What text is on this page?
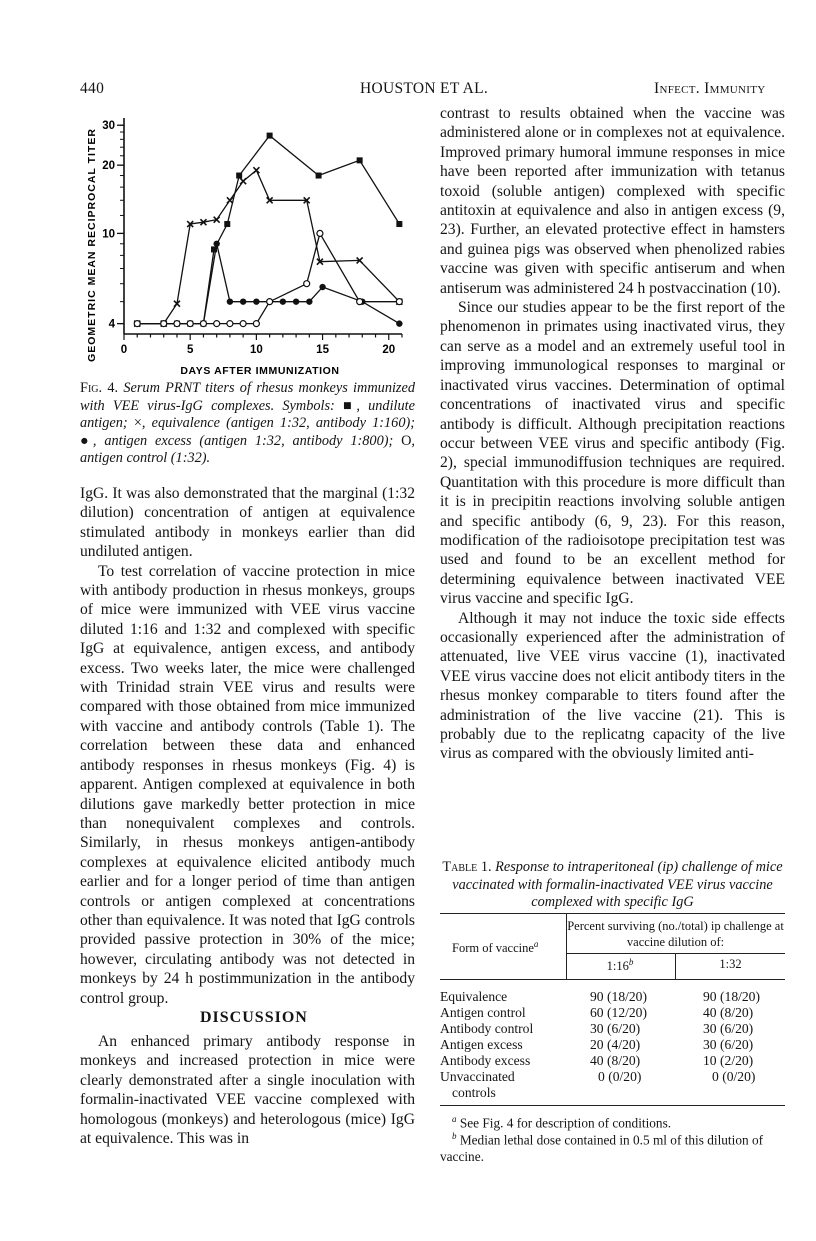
440	HOUSTON ET AL.	Infect. Immunity
GEOMETRIC MEAN RECIPROCAL TITER
DAYS AFTER IMMUNIZATION
0	5	10	15	20
4
10
20
30
Fig. 4. Serum PRNT titers of rhesus monkeys immunized with VEE virus-IgG complexes. Symbols: ■, undilute antigen; ×, equivalence (antigen 1:32, antibody 1:160); ●, antigen excess (antigen 1:32, antibody 1:800); O, antigen control (1:32).

IgG. It was also demonstrated that the marginal (1:32 dilution) concentration of antigen at equivalence stimulated antibody in monkeys earlier than did undiluted antigen.

To test correlation of vaccine protection in mice with antibody production in rhesus monkeys, groups of mice were immunized with VEE virus vaccine diluted 1:16 and 1:32 and complexed with specific IgG at equivalence, antigen excess, and antibody excess. Two weeks later, the mice were challenged with Trinidad strain VEE virus and results were compared with those obtained from mice immunized with vaccine and antibody controls (Table 1). The correlation between these data and enhanced antibody responses in rhesus monkeys (Fig. 4) is apparent. Antigen complexed at equivalence in both dilutions gave markedly better protection in mice than nonequivalent complexes and controls. Similarly, in rhesus monkeys antigen-antibody complexes at equivalence elicited antibody much earlier and for a longer period of time than antigen controls or antigen complexed at concentrations other than equivalence. It was noted that IgG controls provided passive protection in 30% of the mice; however, circulating antibody was not detected in monkeys by 24 h postimmunization in the antibody control group.

DISCUSSION

An enhanced primary antibody response in monkeys and increased protection in mice were clearly demonstrated after a single inoculation with formalin-inactivated VEE vaccine complexed with homologous (monkeys) and heterologous (mice) IgG at equivalence. This was in

contrast to results obtained when the vaccine was administered alone or in complexes not at equivalence. Improved primary humoral immune responses in mice have been reported after immunization with tetanus toxoid (soluble antigen) complexed with specific antitoxin at equivalence and also in antigen excess (9, 23). Further, an elevated protective effect in hamsters and guinea pigs was observed when phenolized rabies vaccine was given with specific antiserum and when antiserum was administered 24 h postvaccination (10).

Since our studies appear to be the first report of the phenomenon in primates using inactivated virus, they can serve as a model and an extremely useful tool in improving immunological responses to marginal or inactivated virus vaccines. Determination of optimal concentrations of inactivated virus and specific antibody is difficult. Although precipitation reactions occur between VEE virus and specific antibody (Fig. 2), special immunodiffusion techniques are required. Quantitation with this procedure is more difficult than it is in precipitin reactions involving soluble antigen and specific antibody (6, 9, 23). For this reason, modification of the radioisotope precipitation test was used and found to be an excellent method for determining equivalence between inactivated VEE virus vaccine and specific IgG.

Although it may not induce the toxic side effects occasionally experienced after the administration of attenuated, live VEE virus vaccine (1), inactivated VEE virus vaccine does not elicit antibody titers in the rhesus monkey comparable to titers found after the administration of the live vaccine (21). This is probably due to the replicatng capacity of the live virus as compared with the obviously limited anti-

Table 1. Response to intraperitoneal (ip) challenge of mice vaccinated with formalin-inactivated VEE virus vaccine complexed with specific IgG
Form of vaccine$^a$
Percent surviving (no./total) ip challenge at vaccine dilution of:
1:16$^b$	1:32
Equivalence	90 (18/20)	90 (18/20)
Antigen control	60 (12/20)	40 (8/20)
Antibody control	30 (6/20)	30 (6/20)
Antigen excess	20 (4/20)	30 (6/20)
Antibody excess	40 (8/20)	10 (2/20)
Unvaccinated	0 (0/20)	0 (0/20)
controls
$^a$ See Fig. 4 for description of conditions.
$^b$ Median lethal dose contained in 0.5 ml of this dilution of vaccine.
